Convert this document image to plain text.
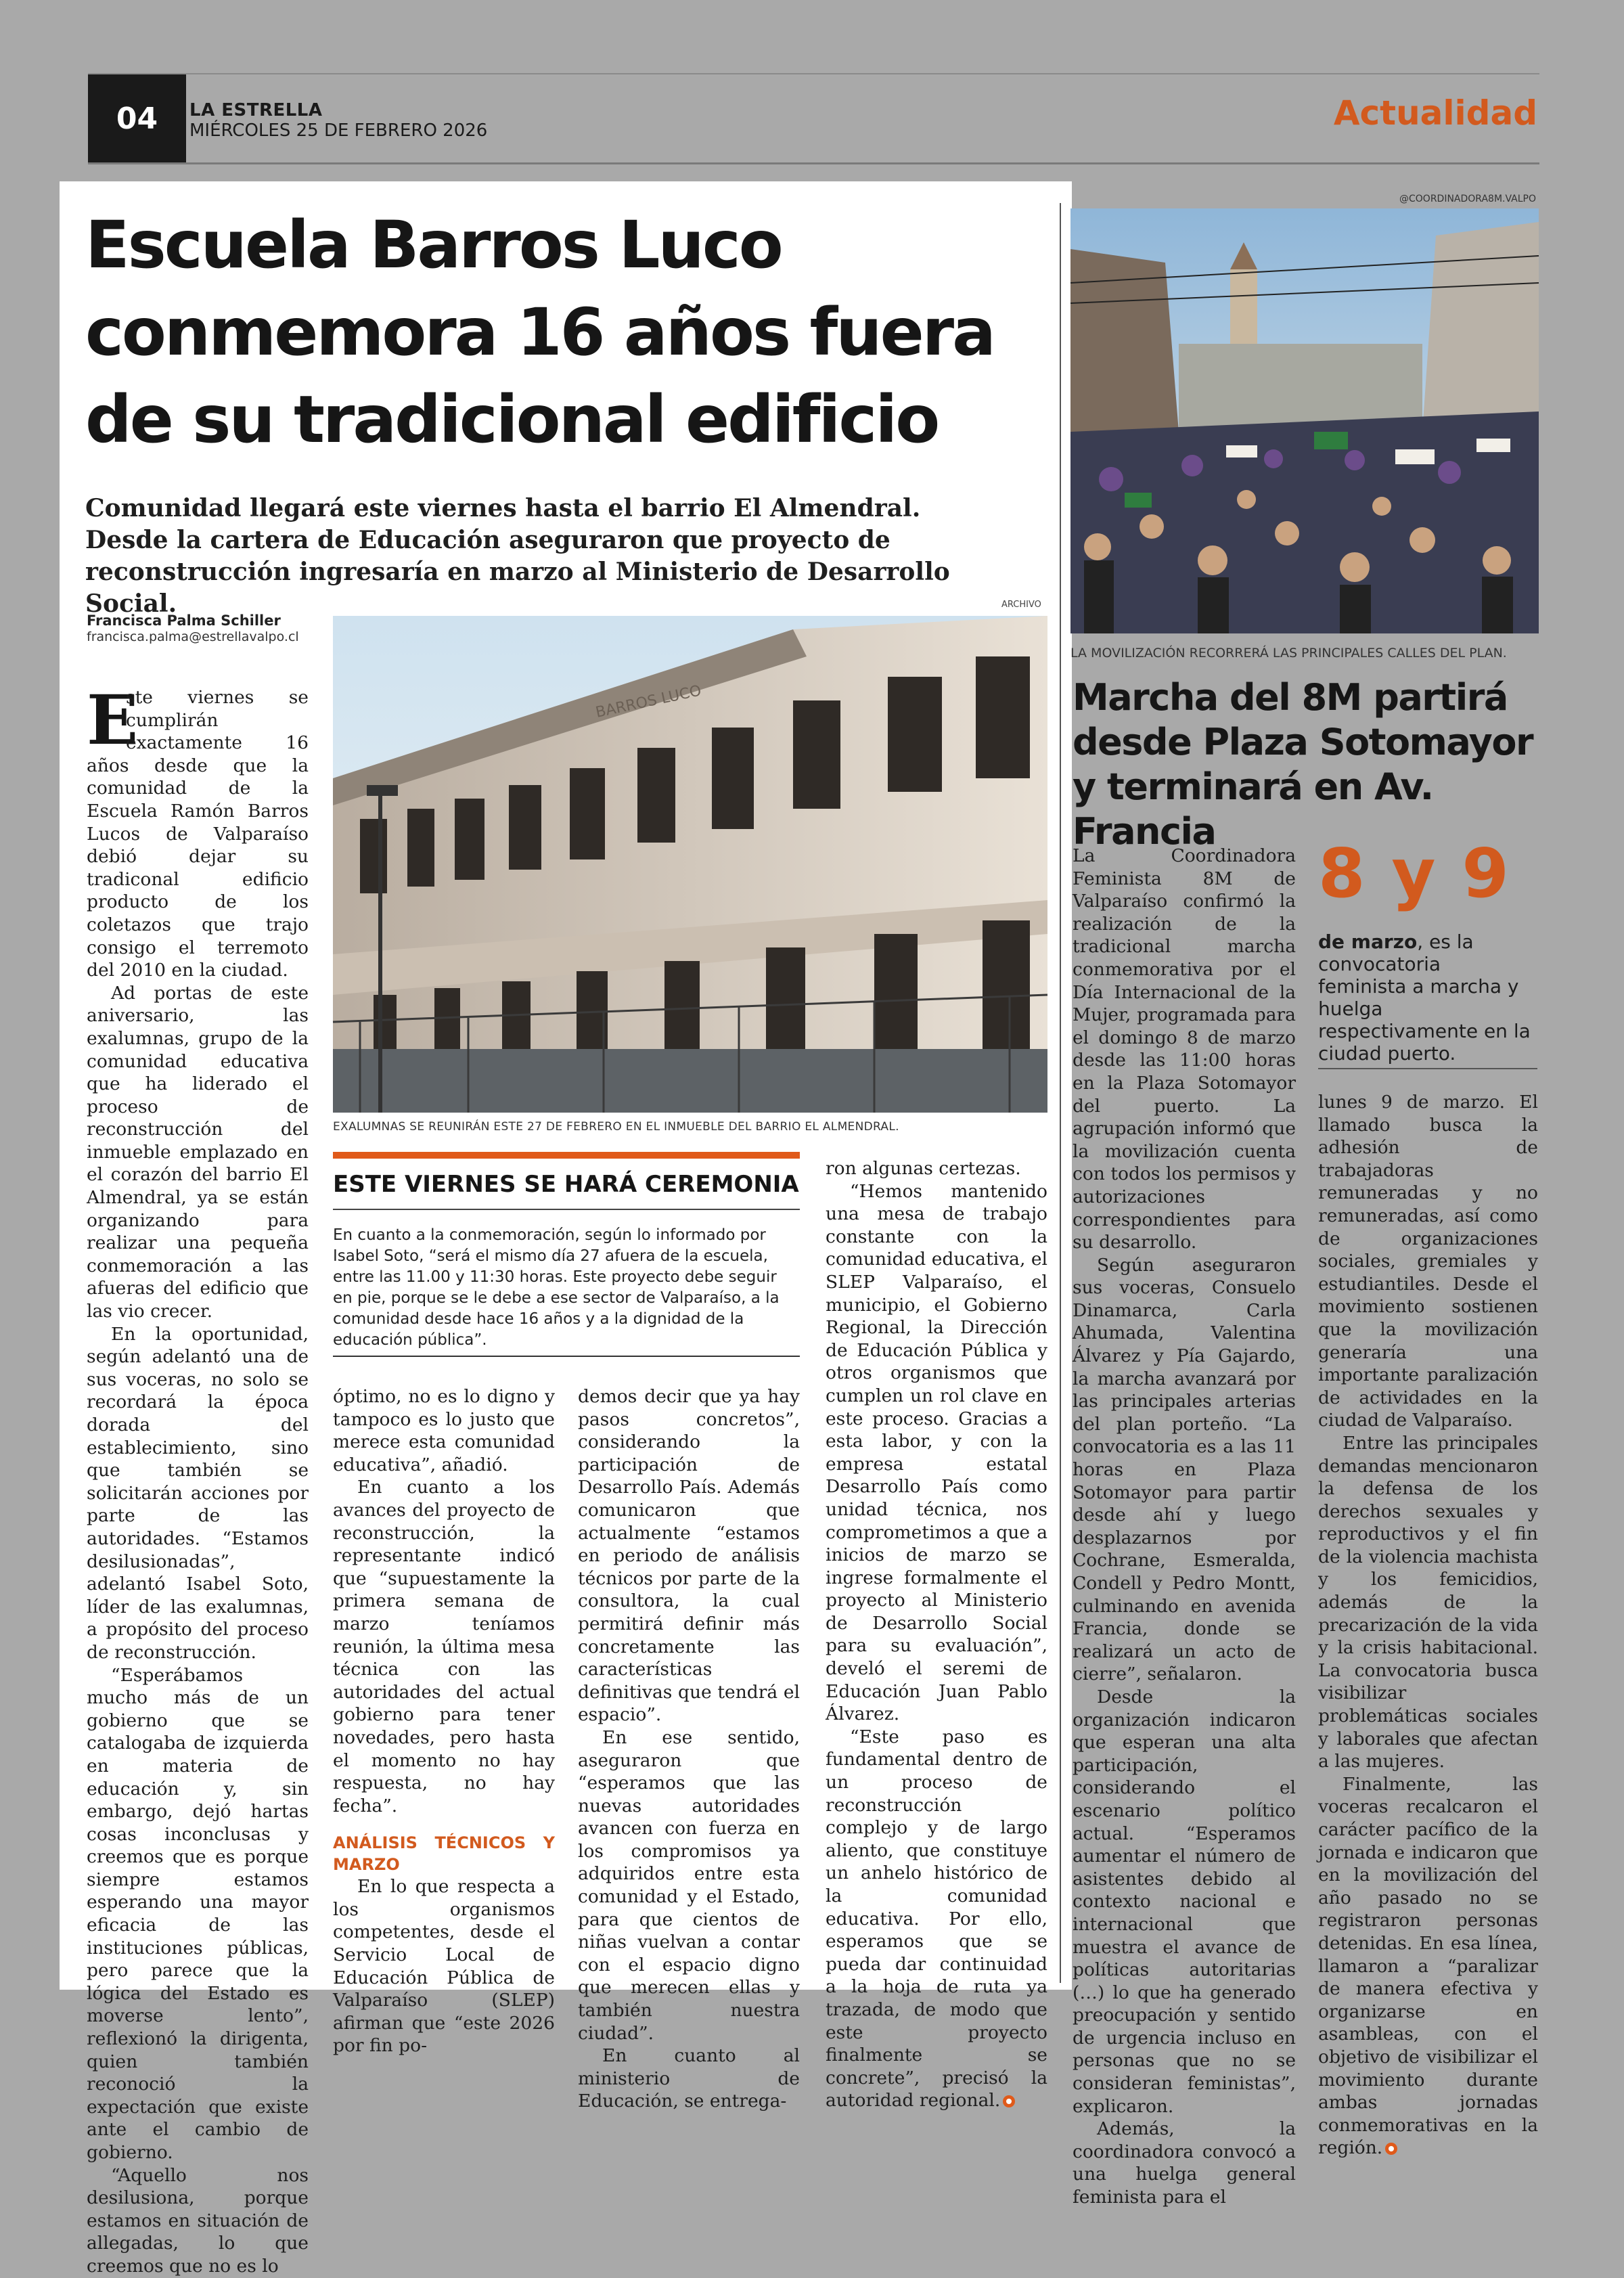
04	LA ESTRELLA
MIÉRCOLES 25 DE FEBRERO 2026	Actualidad
Escuela Barros Luco conmemora 16 años fuera de su tradicional edificio
Comunidad llegará este viernes hasta el barrio El Almendral. Desde la cartera de Educación aseguraron que proyecto de reconstrucción ingresaría en marzo al Ministerio de Desarrollo Social.
Francisca Palma Schiller
francisca.palma@estrellavalpo.cl
ARCHIVO
BARROS LUCO
EXALUMNAS SE REUNIRÁN ESTE 27 DE FEBRERO EN EL INMUEBLE DEL BARRIO EL ALMENDRAL.
E

ste viernes se cumplirán exactamente 16 años desde que la comunidad de la Escuela Ramón Barros Lucos de Valparaíso debió dejar su tradiconal edificio producto de los coletazos que trajo consigo el terremoto del 2010 en la ciudad.

Ad portas de este aniversario, las exalumnas, grupo de la comunidad educativa que ha liderado el proceso de reconstrucción del inmueble emplazado en el corazón del barrio El Almendral, ya se están organizando para realizar una pequeña conmemoración a las afueras del edificio que las vio crecer.

En la oportunidad, según adelantó una de sus voceras, no solo se recordará la época dorada del establecimiento, sino que también se solicitarán acciones por parte de las autoridades. “Estamos desilusionadas”, adelantó Isabel Soto, líder de las exalumnas, a propósito del proceso de reconstrucción.

“Esperábamos mucho más de un gobierno que se catalogaba de izquierda en materia de educación y, sin embargo, dejó hartas cosas inconclusas y creemos que es porque siempre estamos esperando una mayor eficacia de las instituciones públicas, pero parece que la lógica del Estado es moverse lento”, reflexionó la dirigenta, quien también reconoció la expectación que existe ante el cambio de gobierno.

“Aquello nos desilusiona, porque estamos en situación de allegadas, lo que creemos que no es lo

ESTE VIERNES SE HARÁ CEREMONIA
En cuanto a la conmemoración, según lo informado por Isabel Soto, “será el mismo día 27 afuera de la escuela, entre las 11.00 y 11:30 horas. Este proyecto debe seguir en pie, porque se le debe a ese sector de Valparaíso, a la comunidad desde hace 16 años y a la dignidad de la educación pública”.

óptimo, no es lo digno y tampoco es lo justo que merece esta comunidad educativa”, añadió.

En cuanto a los avances del proyecto de reconstrucción, la representante indicó que “supuestamente la primera semana de marzo teníamos reunión, la última mesa técnica con las autoridades del actual gobierno para tener novedades, pero hasta el momento no hay respuesta, no hay fecha”.

ANÁLISIS TÉCNICOS Y MARZO

En lo que respecta a los organismos competentes, desde el Servicio Local de Educación Pública de Valparaíso (SLEP) afirman que “este 2026 por fin po-

demos decir que ya hay pasos concretos”, considerando la participación de Desarrollo País. Además comunicaron que actualmente “estamos en periodo de análisis técnicos por parte de la consultora, la cual permitirá definir más concretamente las características definitivas que tendrá el espacio”.

En ese sentido, aseguraron que “esperamos que las nuevas autoridades avancen con fuerza en los compromisos ya adquiridos entre esta comunidad y el Estado, para que cientos de niñas vuelvan a contar con el espacio digno que merecen ellas y también nuestra ciudad”.

En cuanto al ministerio de Educación, se entrega-

ron algunas certezas.

“Hemos mantenido una mesa de trabajo constante con la comunidad educativa, el SLEP Valparaíso, el municipio, el Gobierno Regional, la Dirección de Educación Pública y otros organismos que cumplen un rol clave en este proceso. Gracias a esta labor, y con la empresa estatal Desarrollo País como unidad técnica, nos comprometimos a que a inicios de marzo se ingrese formalmente el proyecto al Ministerio de Desarrollo Social para su evaluación”, develó el seremi de Educación Juan Pablo Álvarez.

“Este paso es fundamental dentro de un proceso de reconstrucción complejo y de largo aliento, que constituye un anhelo histórico de la comunidad educativa. Por ello, esperamos que se pueda dar continuidad a la hoja de ruta ya trazada, de modo que este proyecto finalmente se concrete”, precisó la autoridad regional.

@COORDINADORA8M.VALPO
LA MOVILIZACIÓN RECORRERÁ LAS PRINCIPALES CALLES DEL PLAN.
Marcha del 8M partirá desde Plaza Sotomayor y terminará en Av. Francia
8 y 9
de marzo, es la convocatoria feminista a marcha y huelga respectivamente en la ciudad puerto.

La Coordinadora Feminista 8M de Valparaíso confirmó la realización de la tradicional marcha conmemorativa por el Día Internacional de la Mujer, programada para el domingo 8 de marzo desde las 11:00 horas en la Plaza Sotomayor del puerto. La agrupación informó que la movilización cuenta con todos los permisos y autorizaciones correspondientes para su desarrollo.

Según aseguraron sus voceras, Consuelo Dinamarca, Carla Ahumada, Valentina Álvarez y Pía Gajardo, la marcha avanzará por las principales arterias del plan porteño. “La convocatoria es a las 11 horas en Plaza Sotomayor para partir desde ahí y luego desplazarnos por Cochrane, Esmeralda, Condell y Pedro Montt, culminando en avenida Francia, donde se realizará un acto de cierre”, señalaron.

Desde la organización indicaron que esperan una alta participación, considerando el escenario político actual. “Esperamos aumentar el número de asistentes debido al contexto nacional e internacional que muestra el avance de políticas autoritarias (…) lo que ha generado preocupación y sentido de urgencia incluso en personas que no se consideran feministas”, explicaron.

Además, la coordinadora convocó a una huelga general feminista para el

lunes 9 de marzo. El llamado busca la adhesión de trabajadoras remuneradas y no remuneradas, así como de organizaciones sociales, gremiales y estudiantiles. Desde el movimiento sostienen que la movilización generaría una importante paralización de actividades en la ciudad de Valparaíso.

Entre las principales demandas mencionaron la defensa de los derechos sexuales y reproductivos y el fin de la violencia machista y los femicidios, además de la precarización de la vida y la crisis habitacional. La convocatoria busca visibilizar problemáticas sociales y laborales que afectan a las mujeres.

Finalmente, las voceras recalcaron el carácter pacífico de la jornada e indicaron que en la movilización del año pasado no se registraron personas detenidas. En esa línea, llamaron a “paralizar de manera efectiva y organizarse en asambleas, con el objetivo de visibilizar el movimiento durante ambas jornadas conmemorativas en la región.
